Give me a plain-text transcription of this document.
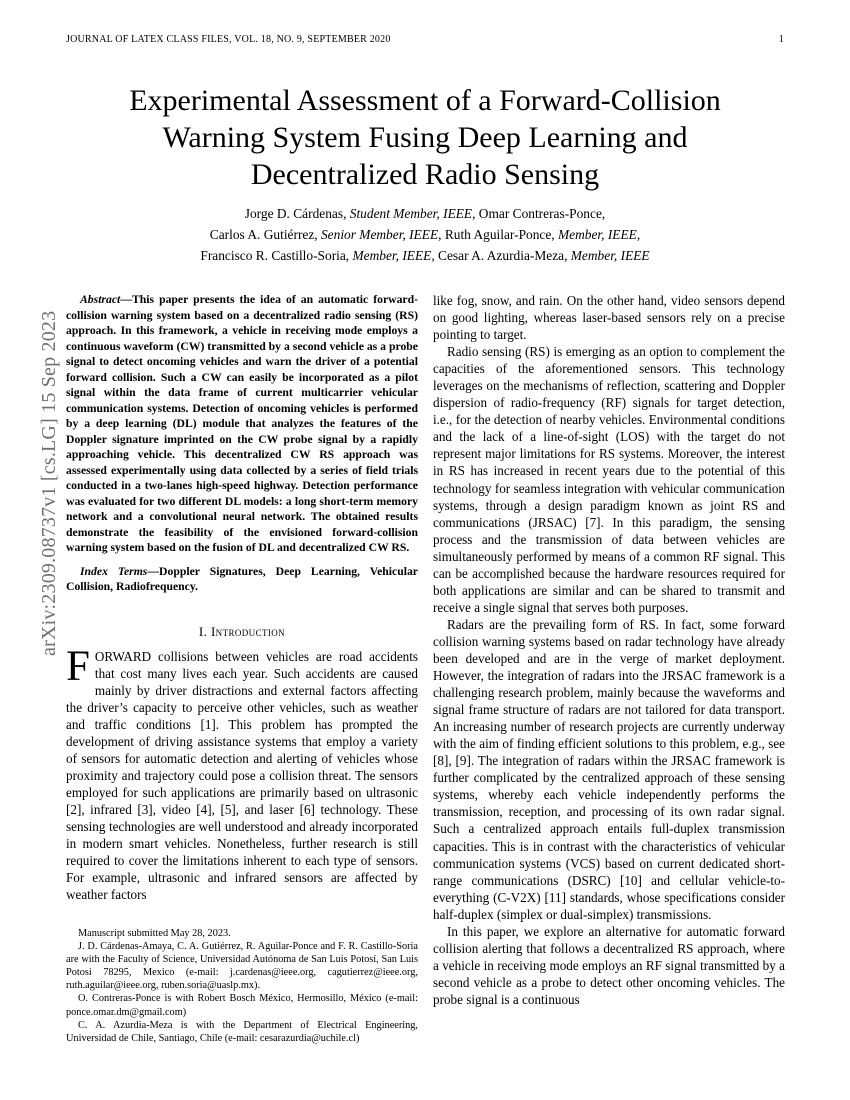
JOURNAL OF LATEX CLASS FILES, VOL. 18, NO. 9, SEPTEMBER 2020	1
arXiv:2309.08737v1 [cs.LG] 15 Sep 2023
Experimental Assessment of a Forward-Collision
Warning System Fusing Deep Learning and
Decentralized Radio Sensing
Jorge D. Cárdenas, Student Member, IEEE, Omar Contreras-Ponce,
Carlos A. Gutiérrez, Senior Member, IEEE, Ruth Aguilar-Ponce, Member, IEEE,
Francisco R. Castillo-Soria, Member, IEEE, Cesar A. Azurdia-Meza, Member, IEEE

Abstract—This paper presents the idea of an automatic forward-collision warning system based on a decentralized radio sensing (RS) approach. In this framework, a vehicle in receiving mode employs a continuous waveform (CW) transmitted by a second vehicle as a probe signal to detect oncoming vehicles and warn the driver of a potential forward collision. Such a CW can easily be incorporated as a pilot signal within the data frame of current multicarrier vehicular communication systems. Detection of oncoming vehicles is performed by a deep learning (DL) module that analyzes the features of the Doppler signature imprinted on the CW probe signal by a rapidly approaching vehicle. This decentralized CW RS approach was assessed experimentally using data collected by a series of field trials conducted in a two-lanes high-speed highway. Detection performance was evaluated for two different DL models: a long short-term memory network and a convolutional neural network. The obtained results demonstrate the feasibility of the envisioned forward-collision warning system based on the fusion of DL and decentralized CW RS.

Index Terms—Doppler Signatures, Deep Learning, Vehicular Collision, Radiofrequency.

I. Introduction

FORWARD collisions between vehicles are road accidents that cost many lives each year. Such accidents are caused mainly by driver distractions and external factors affecting the driver’s capacity to perceive other vehicles, such as weather and traffic conditions [1]. This problem has prompted the development of driving assistance systems that employ a variety of sensors for automatic detection and alerting of vehicles whose proximity and trajectory could pose a collision threat. The sensors employed for such applications are primarily based on ultrasonic [2], infrared [3], video [4], [5], and laser [6] technology. These sensing technologies are well understood and already incorporated in modern smart vehicles. Nonetheless, further research is still required to cover the limitations inherent to each type of sensors. For example, ultrasonic and infrared sensors are affected by weather factors

Manuscript submitted May 28, 2023.

J. D. Cárdenas-Amaya, C. A. Gutiérrez, R. Aguilar-Ponce and F. R. Castillo-Soria are with the Faculty of Science, Universidad Autónoma de San Luis Potosí, San Luis Potosi 78295, Mexico (e-mail: j.cardenas@ieee.org, cagutierrez@ieee.org, ruth.aguilar@ieee.org, ruben.soria@uaslp.mx).

O. Contreras-Ponce is with Robert Bosch México, Hermosillo, México (e-mail: ponce.omar.dm@gmail.com)

C. A. Azurdia-Meza is with the Department of Electrical Engineering, Universidad de Chile, Santiago, Chile (e-mail: cesarazurdia@uchile.cl)

like fog, snow, and rain. On the other hand, video sensors depend on good lighting, whereas laser-based sensors rely on a precise pointing to target.

Radio sensing (RS) is emerging as an option to complement the capacities of the aforementioned sensors. This technology leverages on the mechanisms of reflection, scattering and Doppler dispersion of radio-frequency (RF) signals for target detection, i.e., for the detection of nearby vehicles. Environmental conditions and the lack of a line-of-sight (LOS) with the target do not represent major limitations for RS systems. Moreover, the interest in RS has increased in recent years due to the potential of this technology for seamless integration with vehicular communication systems, through a design paradigm known as joint RS and communications (JRSAC) [7]. In this paradigm, the sensing process and the transmission of data between vehicles are simultaneously performed by means of a common RF signal. This can be accomplished because the hardware resources required for both applications are similar and can be shared to transmit and receive a single signal that serves both purposes.

Radars are the prevailing form of RS. In fact, some forward collision warning systems based on radar technology have already been developed and are in the verge of market deployment. However, the integration of radars into the JRSAC framework is a challenging research problem, mainly because the waveforms and signal frame structure of radars are not tailored for data transport. An increasing number of research projects are currently underway with the aim of finding efficient solutions to this problem, e.g., see [8], [9]. The integration of radars within the JRSAC framework is further complicated by the centralized approach of these sensing systems, whereby each vehicle independently performs the transmission, reception, and processing of its own radar signal. Such a centralized approach entails full-duplex transmission capacities. This is in contrast with the characteristics of vehicular communication systems (VCS) based on current dedicated short-range communications (DSRC) [10] and cellular vehicle-to-everything (C-V2X) [11] standards, whose specifications consider half-duplex (simplex or dual-simplex) transmissions.

In this paper, we explore an alternative for automatic forward collision alerting that follows a decentralized RS approach, where a vehicle in receiving mode employs an RF signal transmitted by a second vehicle as a probe to detect other oncoming vehicles. The probe signal is a continuous
